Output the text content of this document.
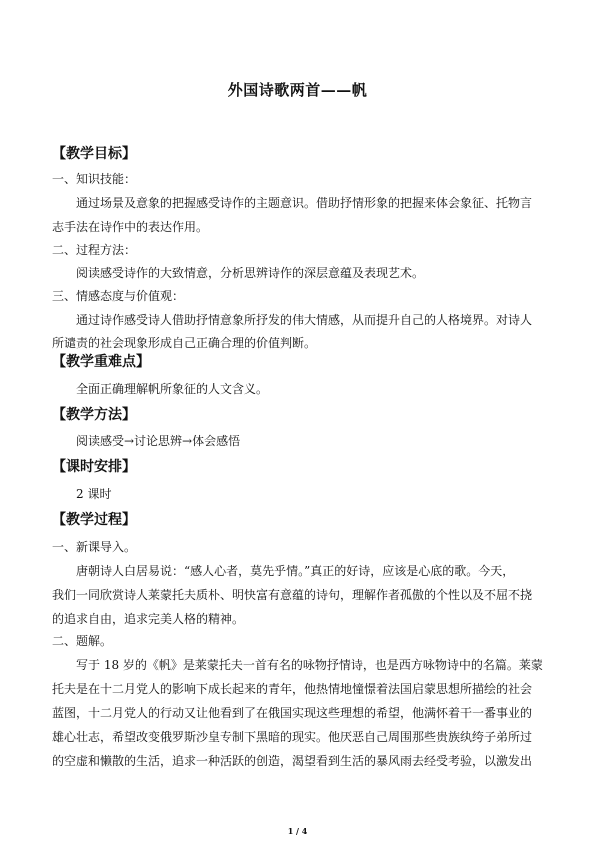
外国诗歌两首——帆
【教学目标】
一、知识技能：
通过场景及意象的把握感受诗作的主题意识。借助抒情形象的把握来体会象征、托物言
志手法在诗作中的表达作用。
二、过程方法：
阅读感受诗作的大致情意，分析思辨诗作的深层意蕴及表现艺术。
三、情感态度与价值观：
通过诗作感受诗人借助抒情意象所抒发的伟大情感，从而提升自己的人格境界。对诗人
所谴责的社会现象形成自己正确合理的价值判断。
【教学重难点】
全面正确理解帆所象征的人文含义。
【教学方法】
阅读感受→讨论思辨→体会感悟
【课时安排】
2 课时
【教学过程】
一、新课导入。
唐朝诗人白居易说：“感人心者，莫先乎情。”真正的好诗，应该是心底的歌。今天，
我们一同欣赏诗人莱蒙托夫质朴、明快富有意蕴的诗句，理解作者孤傲的个性以及不屈不挠
的追求自由，追求完美人格的精神。
二、题解。
写于 18 岁的《帆》是莱蒙托夫一首有名的咏物抒情诗，也是西方咏物诗中的名篇。莱蒙
托夫是在十二月党人的影响下成长起来的青年，他热情地憧憬着法国启蒙思想所描绘的社会
蓝图，十二月党人的行动又让他看到了在俄国实现这些理想的希望，他满怀着干一番事业的
雄心壮志，希望改变俄罗斯沙皇专制下黑暗的现实。他厌恶自己周围那些贵族纨绔子弟所过
的空虚和懒散的生活，追求一种活跃的创造，渴望看到生活的暴风雨去经受考验，以激发出
1 / 4
